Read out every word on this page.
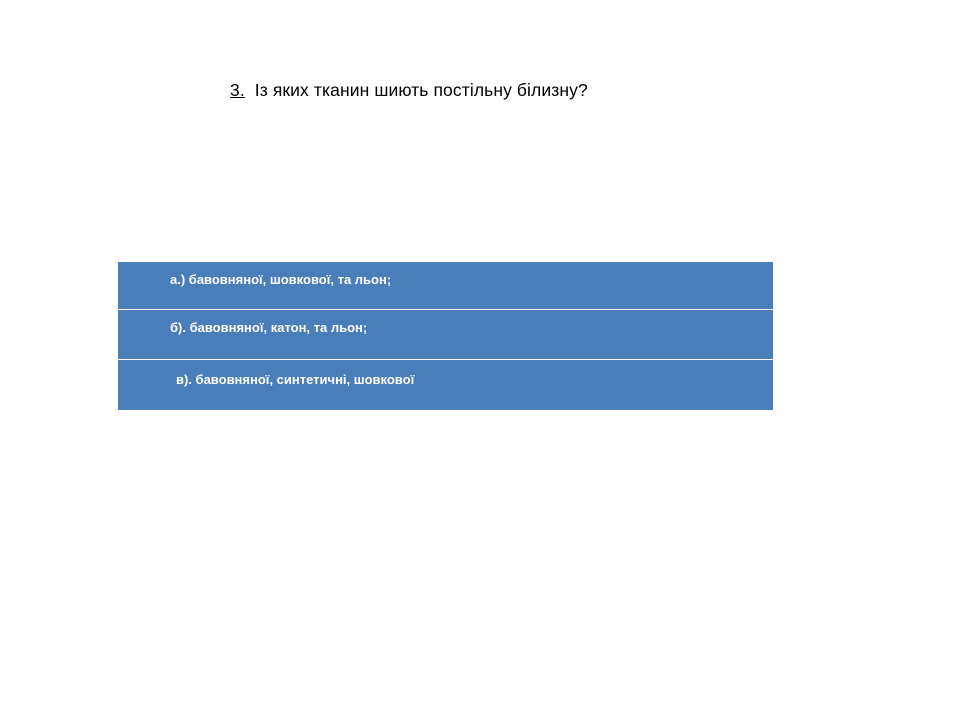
3. Із яких тканин шиють постільну білизну?
а.) бавовняної, шовкової, та льон;
б). бавовняної, катон, та льон;
в). бавовняної, синтетичні, шовкової
